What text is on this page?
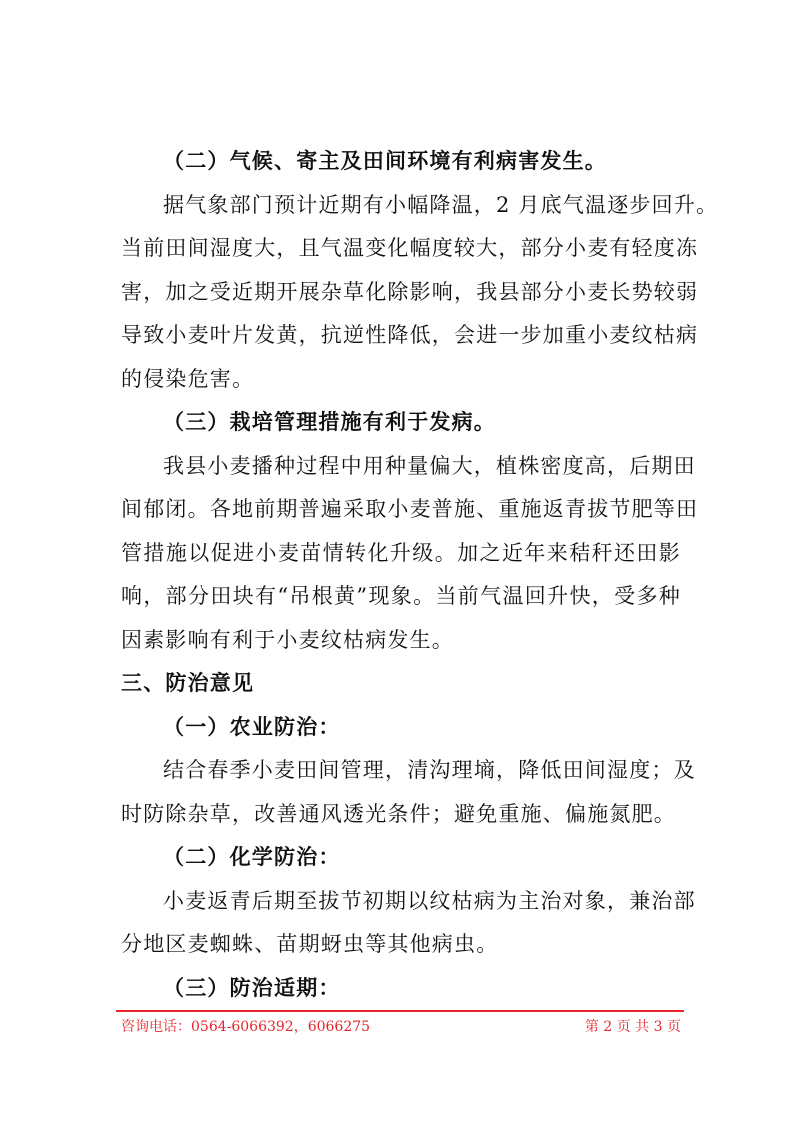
（二）气候、寄主及田间环境有利病害发生。
据气象部门预计近期有小幅降温，2 月底气温逐步回升。
当前田间湿度大，且气温变化幅度较大，部分小麦有轻度冻
害，加之受近期开展杂草化除影响，我县部分小麦长势较弱
导致小麦叶片发黄，抗逆性降低，会进一步加重小麦纹枯病
的侵染危害。
（三）栽培管理措施有利于发病。
我县小麦播种过程中用种量偏大，植株密度高，后期田
间郁闭。各地前期普遍采取小麦普施、重施返青拔节肥等田
管措施以促进小麦苗情转化升级。加之近年来秸秆还田影
响，部分田块有“吊根黄”现象。当前气温回升快，受多种
因素影响有利于小麦纹枯病发生。
三、防治意见
（一）农业防治：
结合春季小麦田间管理，清沟理墒，降低田间湿度；及
时防除杂草，改善通风透光条件；避免重施、偏施氮肥。
（二）化学防治：
小麦返青后期至拔节初期以纹枯病为主治对象，兼治部
分地区麦蜘蛛、苗期蚜虫等其他病虫。
（三）防治适期：
咨询电话：0564-6066392，6066275	第 2 页 共 3 页
